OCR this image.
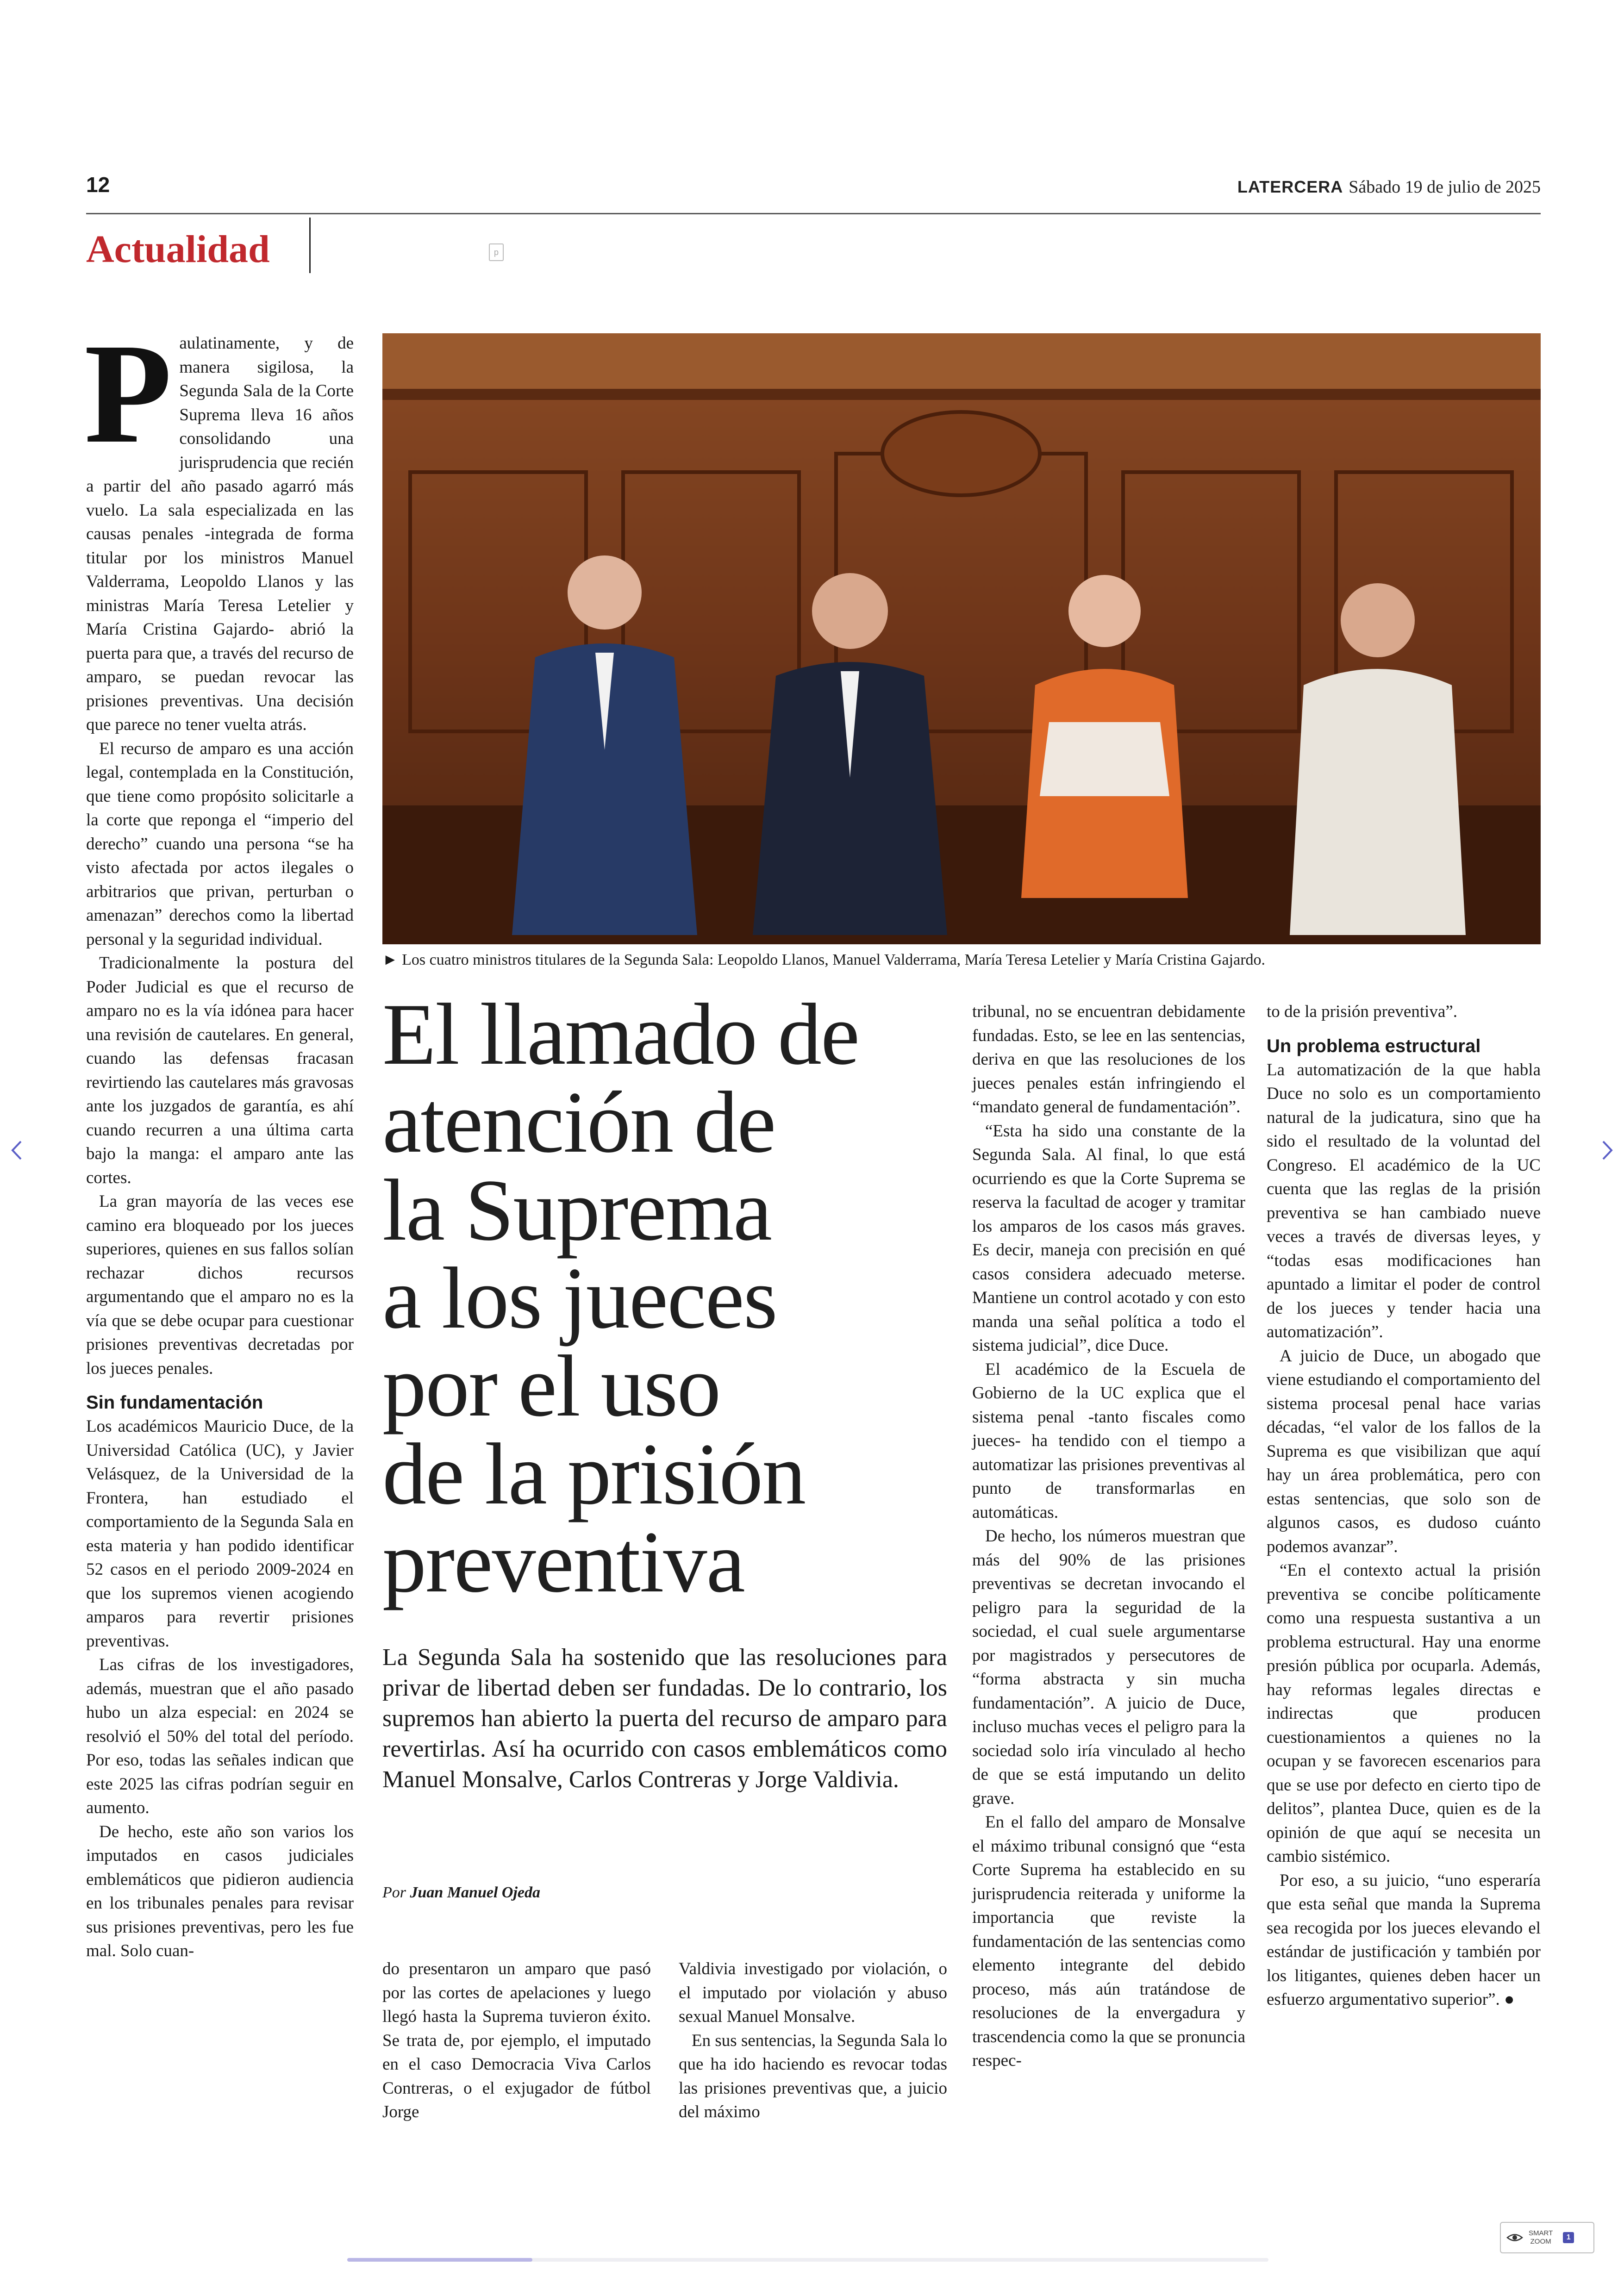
12	LATERCERA Sábado 19 de julio de 2025
Actualidad	p

Paulatinamente, y de manera sigilosa, la Segunda Sala de la Corte Suprema lleva 16 años consolidando una jurisprudencia que recién a partir del año pasado agarró más vuelo. La sala especializada en las causas penales -integrada de forma titular por los ministros Manuel Valderrama, Leopoldo Llanos y las ministras María Teresa Letelier y María Cristina Gajardo- abrió la puerta para que, a través del recurso de amparo, se puedan revocar las prisiones preventivas. Una decisión que parece no tener vuelta atrás.

El recurso de amparo es una acción legal, contemplada en la Constitución, que tiene como propósito solicitarle a la corte que reponga el “imperio del derecho” cuando una persona “se ha visto afectada por actos ilegales o arbitrarios que privan, perturban o amenazan” derechos como la libertad personal y la seguridad individual.

Tradicionalmente la postura del Poder Judicial es que el recurso de amparo no es la vía idónea para hacer una revisión de cautelares. En general, cuando las defensas fracasan revirtiendo las cautelares más gravosas ante los juzgados de garantía, es ahí cuando recurren a una última carta bajo la manga: el amparo ante las cortes.

La gran mayoría de las veces ese camino era bloqueado por los jueces superiores, quienes en sus fallos solían rechazar dichos recursos argumentando que el amparo no es la vía que se debe ocupar para cuestionar prisiones preventivas decretadas por los jueces penales.

Sin fundamentación

Los académicos Mauricio Duce, de la Universidad Católica (UC), y Javier Velásquez, de la Universidad de la Frontera, han estudiado el comportamiento de la Segunda Sala en esta materia y han podido identificar 52 casos en el periodo 2009-2024 en que los supremos vienen acogiendo amparos para revertir prisiones preventivas.

Las cifras de los investigadores, además, muestran que el año pasado hubo un alza especial: en 2024 se resolvió el 50% del total del período. Por eso, todas las señales indican que este 2025 las cifras podrían seguir en aumento.

De hecho, este año son varios los imputados en casos judiciales emblemáticos que pidieron audiencia en los tribunales penales para revisar sus prisiones preventivas, pero les fue mal. Solo cuan-

► Los cuatro ministros titulares de la Segunda Sala: Leopoldo Llanos, Manuel Valderrama, María Teresa Letelier y María Cristina Gajardo.
El llamado de
atención de
la Suprema
a los jueces
por el uso
de la prisión
preventiva
La Segunda Sala ha sostenido que las resoluciones para privar de libertad deben ser fundadas. De lo contrario, los supremos han abierto la puerta del recurso de amparo para revertirlas. Así ha ocurrido con casos emblemáticos como Manuel Monsalve, Carlos Contreras y Jorge Valdivia.
Por Juan Manuel Ojeda

do presentaron un amparo que pasó por las cortes de apelaciones y luego llegó hasta la Suprema tuvieron éxito. Se trata de, por ejemplo, el imputado en el caso Democracia Viva Carlos Contreras, o el exjugador de fútbol Jorge

Valdivia investigado por violación, o el imputado por violación y abuso sexual Manuel Monsalve.

En sus sentencias, la Segunda Sala lo que ha ido haciendo es revocar todas las prisiones preventivas que, a juicio del máximo

tribunal, no se encuentran debidamente fundadas. Esto, se lee en las sentencias, deriva en que las resoluciones de los jueces penales están infringiendo el “mandato general de fundamentación”.

“Esta ha sido una constante de la Segunda Sala. Al final, lo que está ocurriendo es que la Corte Suprema se reserva la facultad de acoger y tramitar los amparos de los casos más graves. Es decir, maneja con precisión en qué casos considera adecuado meterse. Mantiene un control acotado y con esto manda una señal política a todo el sistema judicial”, dice Duce.

El académico de la Escuela de Gobierno de la UC explica que el sistema penal -tanto fiscales como jueces- ha tendido con el tiempo a automatizar las prisiones preventivas al punto de transformarlas en automáticas.

De hecho, los números muestran que más del 90% de las prisiones preventivas se decretan invocando el peligro para la seguridad de la sociedad, el cual suele argumentarse por magistrados y persecutores de “forma abstracta y sin mucha fundamentación”. A juicio de Duce, incluso muchas veces el peligro para la sociedad solo iría vinculado al hecho de que se está imputando un delito grave.

En el fallo del amparo de Monsalve el máximo tribunal consignó que “esta Corte Suprema ha establecido en su jurisprudencia reiterada y uniforme la importancia que reviste la fundamentación de las sentencias como elemento integrante del debido proceso, más aún tratándose de resoluciones de la envergadura y trascendencia como la que se pronuncia respec-

to de la prisión preventiva”.

Un problema estructural

La automatización de la que habla Duce no solo es un comportamiento natural de la judicatura, sino que ha sido el resultado de la voluntad del Congreso. El académico de la UC cuenta que las reglas de la prisión preventiva se han cambiado nueve veces a través de diversas leyes, y “todas esas modificaciones han apuntado a limitar el poder de control de los jueces y tender hacia una automatización”.

A juicio de Duce, un abogado que viene estudiando el comportamiento del sistema procesal penal hace varias décadas, “el valor de los fallos de la Suprema es que visibilizan que aquí hay un área problemática, pero con estas sentencias, que solo son de algunos casos, es dudoso cuánto podemos avanzar”.

“En el contexto actual la prisión preventiva se concibe políticamente como una respuesta sustantiva a un problema estructural. Hay una enorme presión pública por ocuparla. Además, hay reformas legales directas e indirectas que producen cuestionamientos a quienes no la ocupan y se favorecen escenarios para que se use por defecto en cierto tipo de delitos”, plantea Duce, quien es de la opinión de que aquí se necesita un cambio sistémico.

Por eso, a su juicio, “uno esperaría que esta señal que manda la Suprema sea recogida por los jueces elevando el estándar de justificación y también por los litigantes, quienes deben hacer un esfuerzo argumentativo superior”. ●

SMART
ZOOM
1
